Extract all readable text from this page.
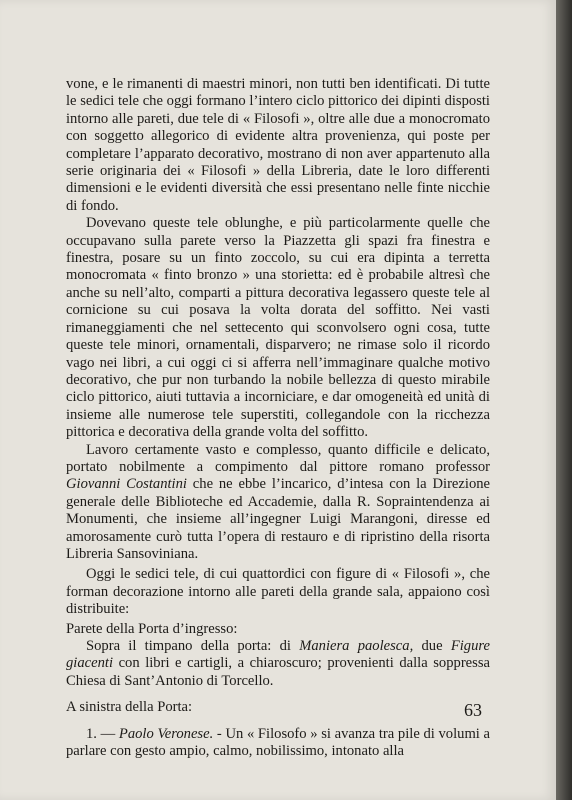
vone, e le rimanenti di maestri minori, non tutti ben identificati. Di tutte le sedici tele che oggi formano l’intero ciclo pittorico dei dipinti disposti intorno alle pareti, due tele di « Filosofi », oltre alle due a monocromato con soggetto allegorico di evidente altra provenienza, qui poste per completare l’apparato decorativo, mostrano di non aver appartenuto alla serie originaria dei « Filosofi » della Libreria, date le loro differenti dimensioni e le evidenti diversità che essi presentano nelle finte nicchie di fondo.

Dovevano queste tele oblunghe, e più particolarmente quelle che occupavano sulla parete verso la Piazzetta gli spazi fra finestra e finestra, posare su un finto zoccolo, su cui era dipinta a terretta monocromata « finto bronzo » una storietta: ed è probabile altresì che anche su nell’alto, comparti a pittura decorativa legassero queste tele al cornicione su cui posava la volta dorata del soffitto. Nei vasti rimaneggiamenti che nel settecento qui sconvolsero ogni cosa, tutte queste tele minori, ornamentali, disparvero; ne rimase solo il ricordo vago nei libri, a cui oggi ci si afferra nell’immaginare qualche motivo decorativo, che pur non turbando la nobile bellezza di questo mirabile ciclo pittorico, aiuti tuttavia a incorniciare, e dar omogeneità ed unità di insieme alle numerose tele superstiti, collegandole con la ricchezza pittorica e decorativa della grande volta del soffitto.

Lavoro certamente vasto e complesso, quanto difficile e delicato, portato nobilmente a compimento dal pittore romano professor Giovanni Costantini che ne ebbe l’incarico, d’intesa con la Direzione generale delle Biblioteche ed Accademie, dalla R. Sopraintendenza ai Monumenti, che insieme all’ingegner Luigi Marangoni, diresse ed amorosamente curò tutta l’opera di restauro e di ripristino della risorta Libreria Sansoviniana.

Oggi le sedici tele, di cui quattordici con figure di « Filosofi », che forman decorazione intorno alle pareti della grande sala, appaiono così distribuite:

Parete della Porta d’ingresso:

Sopra il timpano della porta: di Maniera paolesca, due Figure giacenti con libri e cartigli, a chiaroscuro; provenienti dalla soppressa Chiesa di Sant’Antonio di Torcello.

A sinistra della Porta:

1. — Paolo Veronese. - Un « Filosofo » si avanza tra pile di volumi a parlare con gesto ampio, calmo, nobilissimo, intonato alla

63
